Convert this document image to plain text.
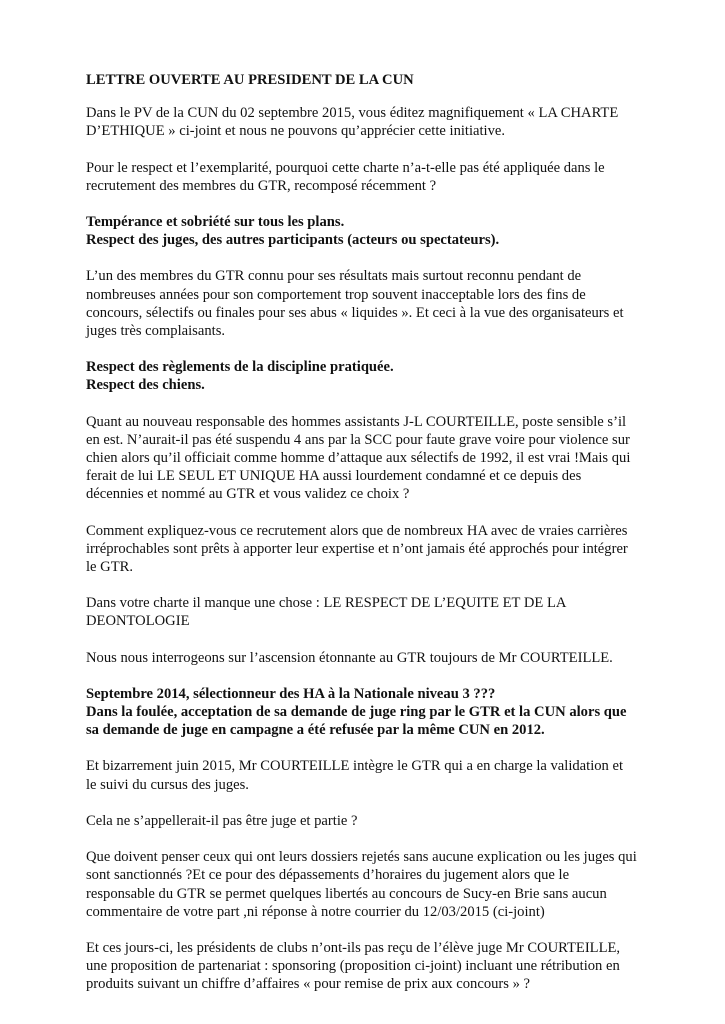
LETTRE OUVERTE AU PRESIDENT DE LA CUN
Dans le PV de la CUN du 02 septembre 2015, vous éditez magnifiquement « LA CHARTE
D’ETHIQUE » ci-joint et nous ne pouvons qu’apprécier cette initiative.
Pour le respect et l’exemplarité, pourquoi cette charte n’a-t-elle pas été appliquée dans le
recrutement des membres du GTR, recomposé récemment ?
Tempérance et sobriété sur tous les plans.
Respect des juges, des autres participants (acteurs ou spectateurs).
L’un des membres du GTR connu pour ses résultats mais surtout reconnu pendant de
nombreuses années pour son comportement trop souvent inacceptable lors des fins de
concours, sélectifs ou finales pour ses abus « liquides ». Et ceci à la vue des organisateurs et
juges très complaisants.
Respect des règlements de la discipline pratiquée.
Respect des chiens.
Quant au nouveau responsable des hommes assistants J-L COURTEILLE, poste sensible s’il
en est. N’aurait-il pas été suspendu 4 ans par la SCC pour faute grave voire pour violence sur
chien alors qu’il officiait comme homme d’attaque aux sélectifs de 1992, il est vrai !Mais qui
ferait de lui LE SEUL ET UNIQUE HA aussi lourdement condamné et ce depuis des
décennies et nommé au GTR et vous validez ce choix ?
Comment expliquez-vous ce recrutement alors que de nombreux HA avec de vraies carrières
irréprochables sont prêts à apporter leur expertise et n’ont jamais été approchés pour intégrer
le GTR.
Dans votre charte il manque une chose : LE RESPECT DE L’EQUITE ET DE LA
DEONTOLOGIE
Nous nous interrogeons sur l’ascension étonnante au GTR toujours de Mr COURTEILLE.
Septembre 2014, sélectionneur des HA à la Nationale niveau 3 ???
Dans la foulée, acceptation de sa demande de juge ring par le GTR et la CUN alors que
sa demande de juge en campagne a été refusée par la même CUN en 2012.
Et bizarrement juin 2015, Mr COURTEILLE intègre le GTR qui a en charge la validation et
le suivi du cursus des juges.
Cela ne s’appellerait-il pas être juge et partie ?
Que doivent penser ceux qui ont leurs dossiers rejetés sans aucune explication ou les juges qui
sont sanctionnés ?Et ce pour des dépassements d’horaires du jugement alors que le
responsable du GTR se permet quelques libertés au concours de Sucy-en Brie sans aucun
commentaire de votre part ,ni réponse à notre courrier du 12/03/2015 (ci-joint)
Et ces jours-ci, les présidents de clubs n’ont-ils pas reçu de l’élève juge Mr COURTEILLE,
une proposition de partenariat : sponsoring (proposition ci-joint) incluant une rétribution en
produits suivant un chiffre d’affaires « pour remise de prix aux concours » ?
